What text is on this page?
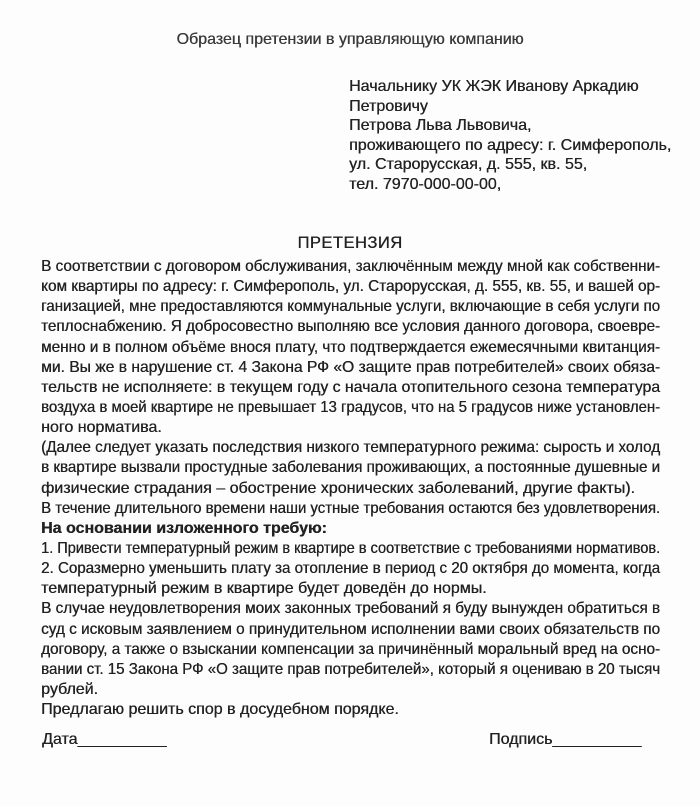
Образец претензии в управляющую компанию
Начальнику УК ЖЭК Иванову Аркадию
Петровичу
Петрова Льва Львовича,
проживающего по адресу: г. Симферополь,
ул. Старорусская, д. 555, кв. 55,
тел. 7970-000-00-00,
ПРЕТЕНЗИЯ
В соответствии с договором обслуживания, заключённым между мной как собственни-
ком квартиры по адресу: г. Симферополь, ул. Старорусская, д. 555, кв. 55, и вашей ор-
ганизацией, мне предоставляются коммунальные услуги, включающие в себя услуги по
теплоснабжению. Я добросовестно выполняю все условия данного договора, своевре-
менно и в полном объёме внося плату, что подтверждается ежемесячными квитанция-
ми. Вы же в нарушение ст. 4 Закона РФ «О защите прав потребителей» своих обяза-
тельств не исполняете: в текущем году с начала отопительного сезона температура
воздуха в моей квартире не превышает 13 градусов, что на 5 градусов ниже установлен-
ного норматива.
(Далее следует указать последствия низкого температурного режима: сырость и холод
в квартире вызвали простудные заболевания проживающих, а постоянные душевные и
физические страдания – обострение хронических заболеваний, другие факты).
В течение длительного времени наши устные требования остаются без удовлетворения.
На основании изложенного требую:
1. Привести температурный режим в квартире в соответствие с требованиями нормативов.
2. Соразмерно уменьшить плату за отопление в период с 20 октября до момента, когда
температурный режим в квартире будет доведён до нормы.
В случае неудовлетворения моих законных требований я буду вынужден обратиться в
суд с исковым заявлением о принудительном исполнении вами своих обязательств по
договору, а также о взыскании компенсации за причинённый моральный вред на осно-
вании ст. 15 Закона РФ «О защите прав потребителей», который я оцениваю в 20 тысяч
рублей.
Предлагаю решить спор в досудебном порядке.
Дата__________	Подпись__________
